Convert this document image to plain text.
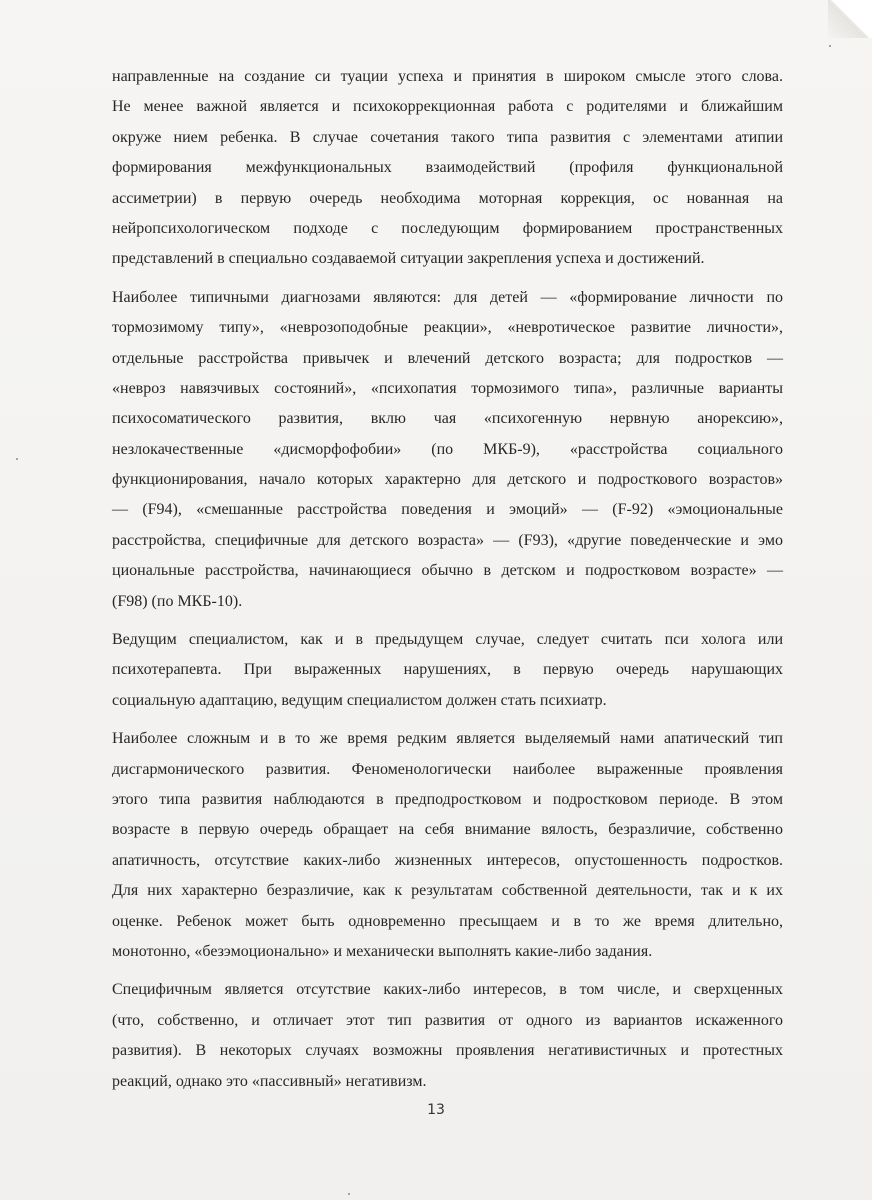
направленные на создание си туации успеха и принятия в широком смысле этого слова.
Не менее важной является и психокоррекционная работа с родителями и ближайшим
окруже нием ребенка. В случае сочетания такого типа развития с элементами атипии
формирования межфункциональных взаимодействий (профиля функциональной
ассиметрии) в первую очередь необходима моторная коррекция, ос нованная на
нейропсихологическом подходе с последующим формированием пространственных
представлений в специально создаваемой ситуации закрепления успеха и достижений.

Наиболее типичными диагнозами являются: для детей — «формирование личности по
тормозимому типу», «неврозоподобные реакции», «невротическое развитие личности»,
отдельные расстройства привычек и влечений детского возраста; для подростков —
«невроз навязчивых состояний», «психопатия тормозимого типа», различные варианты
психосоматического развития, вклю чая «психогенную нервную анорексию»,
незлокачественные «дисморфофобии» (по МКБ-9), «расстройства социального
функционирования, начало которых характерно для детского и подросткового возрастов»
— (F94), «смешанные расстройства поведения и эмоций» — (F-92) «эмоциональные
расстройства, специфичные для детского возраста» — (F93), «другие поведенческие и эмо
циональные расстройства, начинающиеся обычно в детском и подростковом возрасте» —
(F98) (по МКБ-10).

Ведущим специалистом, как и в предыдущем случае, следует считать пси холога или
психотерапевта. При выраженных нарушениях, в первую очередь нарушающих
социальную адаптацию, ведущим специалистом должен стать психиатр.

Наиболее сложным и в то же время редким является выделяемый нами апатический тип
дисгармонического развития. Феноменологически наиболее выраженные проявления
этого типа развития наблюдаются в предподростковом и подростковом периоде. В этом
возрасте в первую очередь обращает на себя внимание вялость, безразличие, собственно
апатичность, отсутствие каких-либо жизненных интересов, опустошенность подростков.
Для них характерно безразличие, как к результатам собственной деятельности, так и к их
оценке. Ребенок может быть одновременно пресыщаем и в то же время длительно,
монотонно, «безэмоционально» и механически выполнять какие-либо задания.

Специфичным является отсутствие каких-либо интересов, в том числе, и сверхценных
(что, собственно, и отличает этот тип развития от одного из вариантов искаженного
развития). В некоторых случаях возможны проявления негативистичных и протестных
реакций, однако это «пассивный» негативизм.

13
